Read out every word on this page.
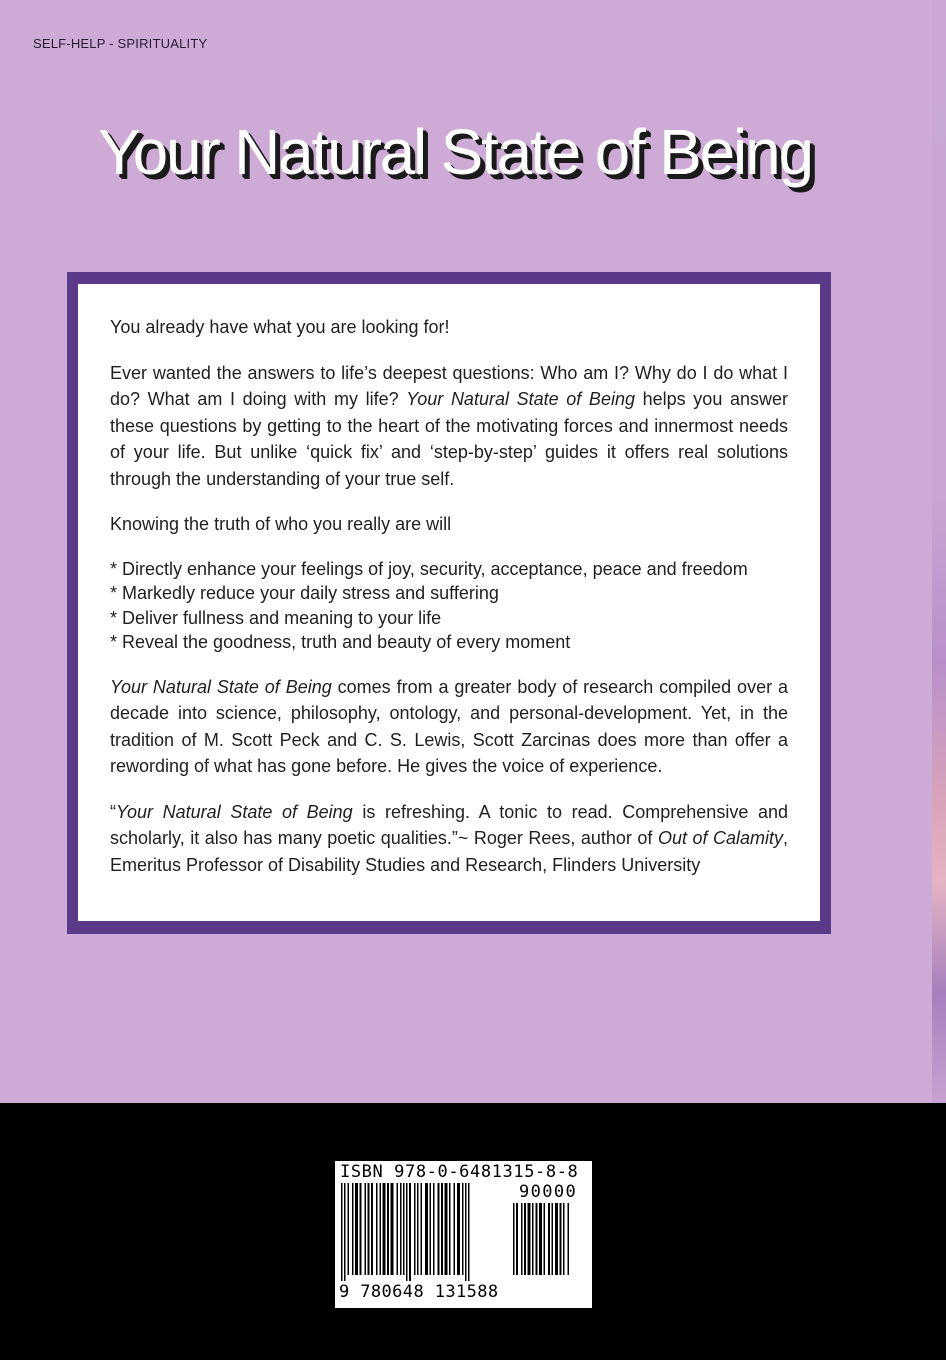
SELF-HELP - SPIRITUALITY
Your Natural State of Being

You already have what you are looking for!

Ever wanted the answers to life’s deepest questions: Who am I? Why do I do what I do? What am I doing with my life? Your Natural State of Being helps you answer these questions by getting to the heart of the motivating forces and innermost needs of your life. But unlike ‘quick fix’ and ‘step-by-step’ guides it offers real solutions through the understanding of your true self.

Knowing the truth of who you really are will

* Directly enhance your feelings of joy, security, acceptance, peace and freedom
* Markedly reduce your daily stress and suffering
* Deliver fullness and meaning to your life
* Reveal the goodness, truth and beauty of every moment

Your Natural State of Being comes from a greater body of research compiled over a decade into science, philosophy, ontology, and personal-development. Yet, in the tradition of M. Scott Peck and C. S. Lewis, Scott Zarcinas does more than offer a rewording of what has gone before. He gives the voice of experience.

“Your Natural State of Being is refreshing. A tonic to read. Comprehensive and scholarly, it also has many poetic qualities.”~ Roger Rees, author of Out of Calamity, Emeritus Professor of Disability Studies and Research, Flinders University

ISBN 978-0-6481315-8-8
90000
9 780648 131588
